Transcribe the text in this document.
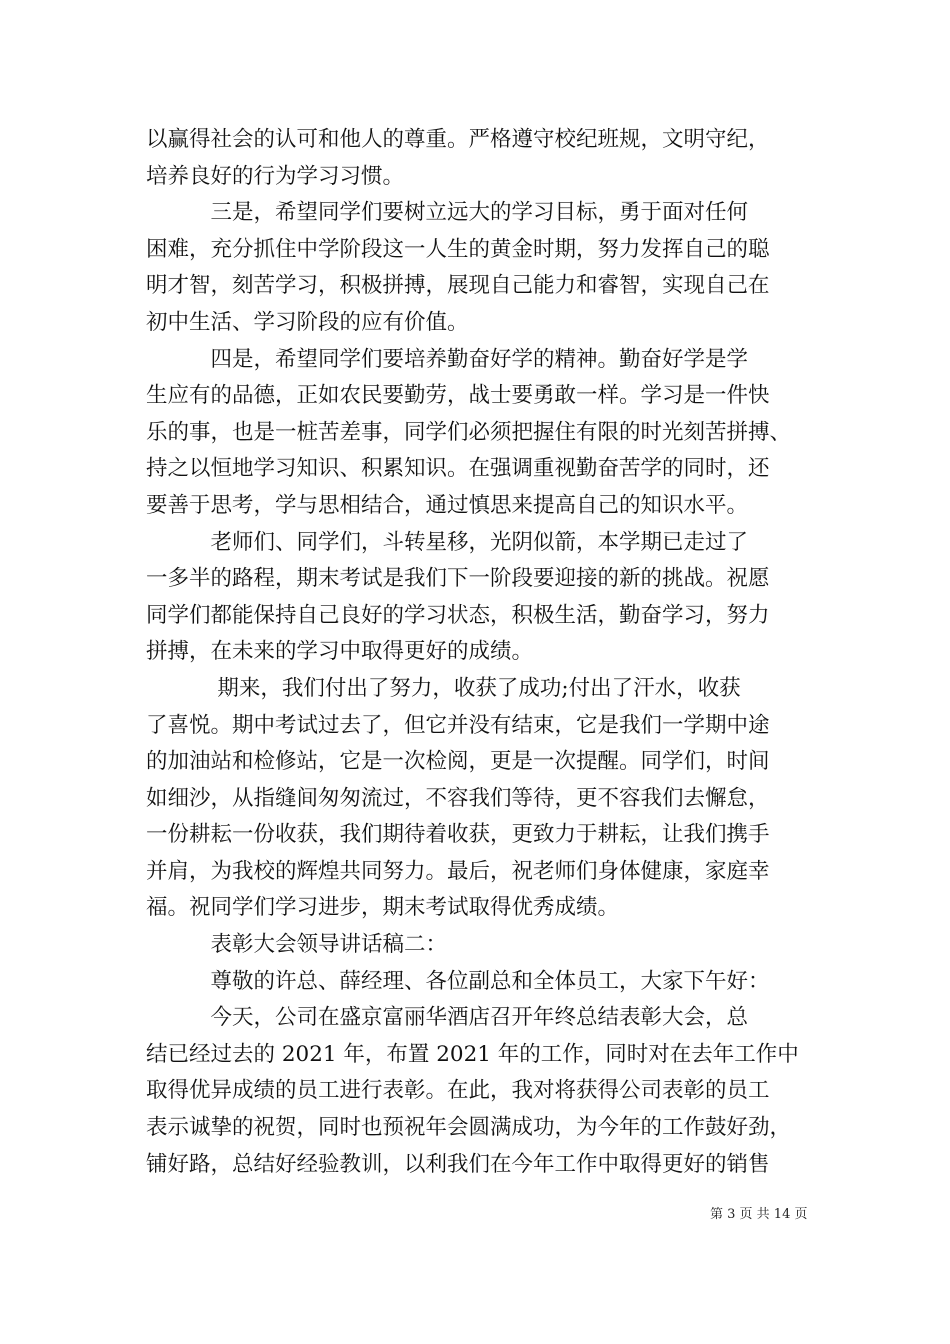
以赢得社会的认可和他人的尊重。严格遵守校纪班规，文明守纪，
培养良好的行为学习习惯。
　　　三是，希望同学们要树立远大的学习目标，勇于面对任何
困难，充分抓住中学阶段这一人生的黄金时期，努力发挥自己的聪
明才智，刻苦学习，积极拼搏，展现自己能力和睿智，实现自己在
初中生活、学习阶段的应有价值。
　　　四是，希望同学们要培养勤奋好学的精神。勤奋好学是学
生应有的品德，正如农民要勤劳，战士要勇敢一样。学习是一件快
乐的事，也是一桩苦差事，同学们必须把握住有限的时光刻苦拼搏、
持之以恒地学习知识、积累知识。在强调重视勤奋苦学的同时，还
要善于思考，学与思相结合，通过慎思来提高自己的知识水平。
　　　老师们、同学们，斗转星移，光阴似箭，本学期已走过了
一多半的路程，期末考试是我们下一阶段要迎接的新的挑战。祝愿
同学们都能保持自己良好的学习状态，积极生活，勤奋学习，努力
拼搏，在未来的学习中取得更好的成绩。
　　　 期来，我们付出了努力，收获了成功;付出了汗水，收获
了喜悦。期中考试过去了，但它并没有结束，它是我们一学期中途
的加油站和检修站，它是一次检阅，更是一次提醒。同学们，时间
如细沙，从指缝间匆匆流过，不容我们等待，更不容我们去懈怠，
一份耕耘一份收获，我们期待着收获，更致力于耕耘，让我们携手
并肩，为我校的辉煌共同努力。最后，祝老师们身体健康，家庭幸
福。祝同学们学习进步，期末考试取得优秀成绩。
　　　表彰大会领导讲话稿二：
　　　尊敬的许总、薛经理、各位副总和全体员工，大家下午好：
　　　今天，公司在盛京富丽华酒店召开年终总结表彰大会，总
结已经过去的 2021 年，布置 2021 年的工作，同时对在去年工作中
取得优异成绩的员工进行表彰。在此，我对将获得公司表彰的员工
表示诚挚的祝贺，同时也预祝年会圆满成功，为今年的工作鼓好劲，
铺好路，总结好经验教训，以利我们在今年工作中取得更好的销售
第 3 页 共 14 页
